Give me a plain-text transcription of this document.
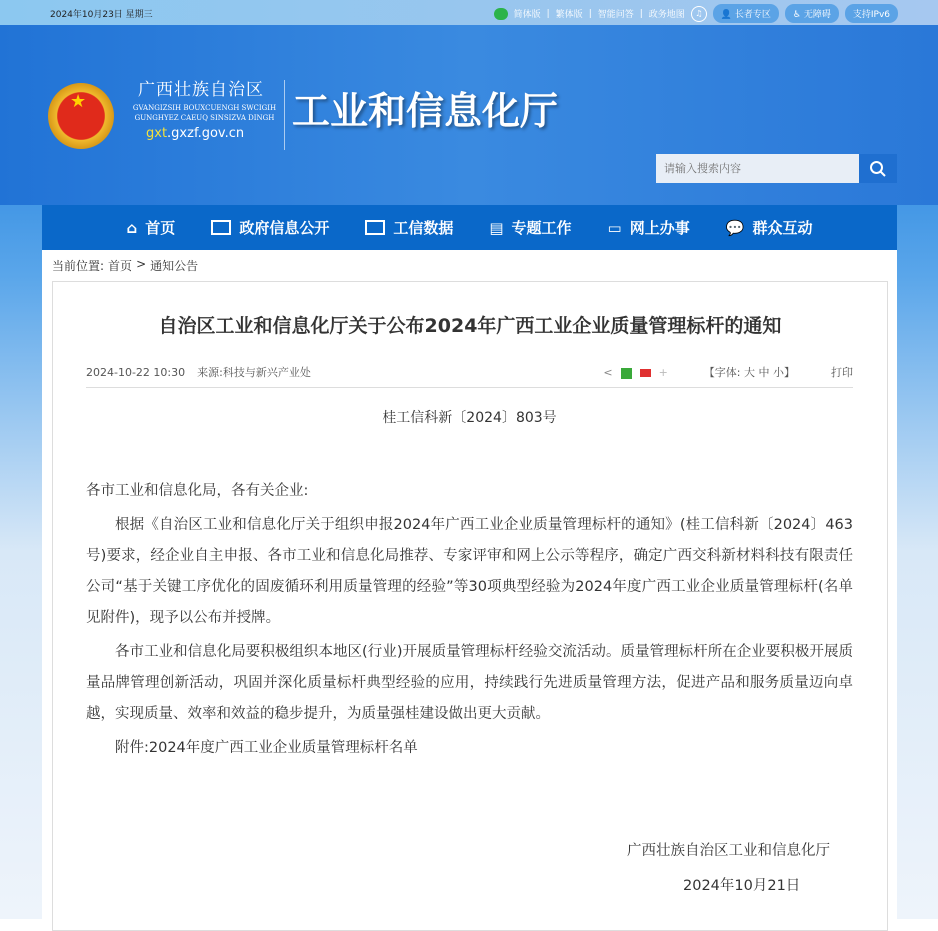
2024年10月23日 星期三	简体版 | 繁体版 | 智能问答 | 政务地图	♫	👤 长者专区	♿ 无障碍	支持IPv6
★
广西壮族自治区
GVANGIZSIH BOUXCUENGH SWCIGIH
GUNGHYEZ CAEUQ SINSIZVA DINGH
gxt.gxzf.gov.cn
工业和信息化厅
请输入搜索内容
⌂ 首页	政府信息公开	工信数据 ▤ 专题工作 ▭ 网上办事 💬 群众互动
当前位置: 首页 > 通知公告
自治区工业和信息化厅关于公布2024年广西工业企业质量管理标杆的通知
2024-10-22 10:30 来源:科技与新兴产业处	<	+	【字体: 大 中 小】	打印
桂工信科新〔2024〕803号
各市工业和信息化局，各有关企业:
根据《自治区工业和信息化厅关于组织申报2024年广西工业企业质量管理标杆的通知》(桂工信科新〔2024〕463号)要求，经企业自主申报、各市工业和信息化局推荐、专家评审和网上公示等程序，确定广西交科新材料科技有限责任公司“基于关键工序优化的固废循环利用质量管理的经验”等30项典型经验为2024年度广西工业企业质量管理标杆(名单见附件)，现予以公布并授牌。
各市工业和信息化局要积极组织本地区(行业)开展质量管理标杆经验交流活动。质量管理标杆所在企业要积极开展质量品牌管理创新活动，巩固并深化质量标杆典型经验的应用，持续践行先进质量管理方法，促进产品和服务质量迈向卓越，实现质量、效率和效益的稳步提升，为质量强桂建设做出更大贡献。
附件:2024年度广西工业企业质量管理标杆名单
广西壮族自治区工业和信息化厅
2024年10月21日
